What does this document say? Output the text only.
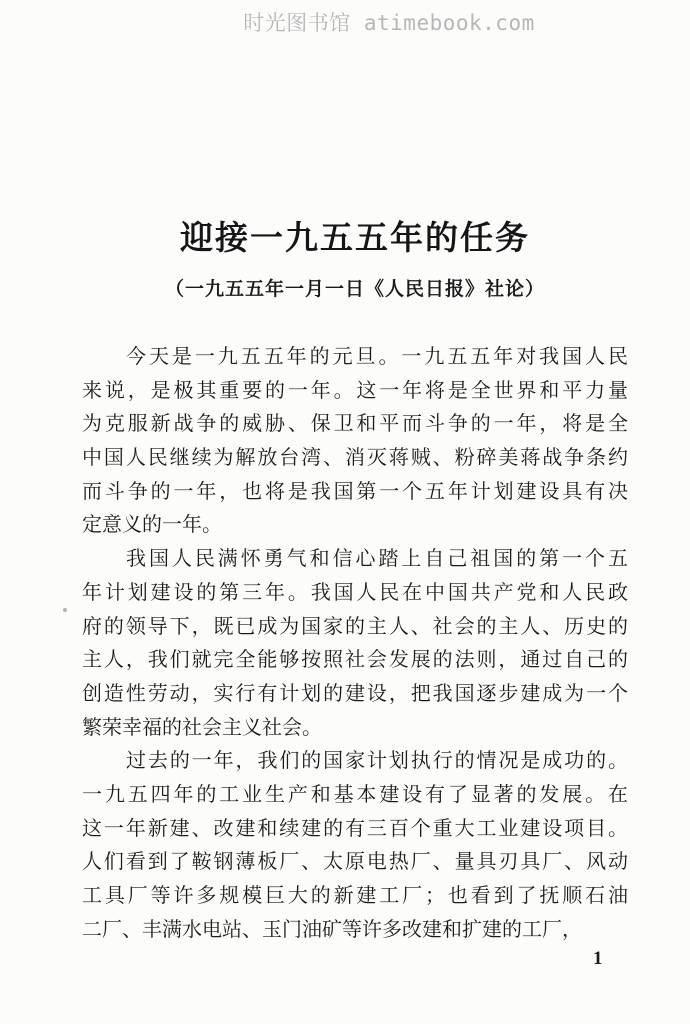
时光图书馆 atimebook.com
迎接一九五五年的任务
（一九五五年一月一日《人民日报》社论）
今天是一九五五年的元旦。一九五五年对我国人民
来说，是极其重要的一年。这一年将是全世界和平力量
为克服新战争的威胁、保卫和平而斗争的一年，将是全
中国人民继续为解放台湾、消灭蒋贼、粉碎美蒋战争条约
而斗争的一年，也将是我国第一个五年计划建设具有决
定意义的一年。
我国人民满怀勇气和信心踏上自己祖国的第一个五
年计划建设的第三年。我国人民在中国共产党和人民政
府的领导下，既已成为国家的主人、社会的主人、历史的
主人，我们就完全能够按照社会发展的法则，通过自己的
创造性劳动，实行有计划的建设，把我国逐步建成为一个
繁荣幸福的社会主义社会。
过去的一年，我们的国家计划执行的情况是成功的。
一九五四年的工业生产和基本建设有了显著的发展。在
这一年新建、改建和续建的有三百个重大工业建设项目。
人们看到了鞍钢薄板厂、太原电热厂、量具刃具厂、风动
工具厂等许多规模巨大的新建工厂；也看到了抚顺石油
二厂、丰满水电站、玉门油矿等许多改建和扩建的工厂，
1
